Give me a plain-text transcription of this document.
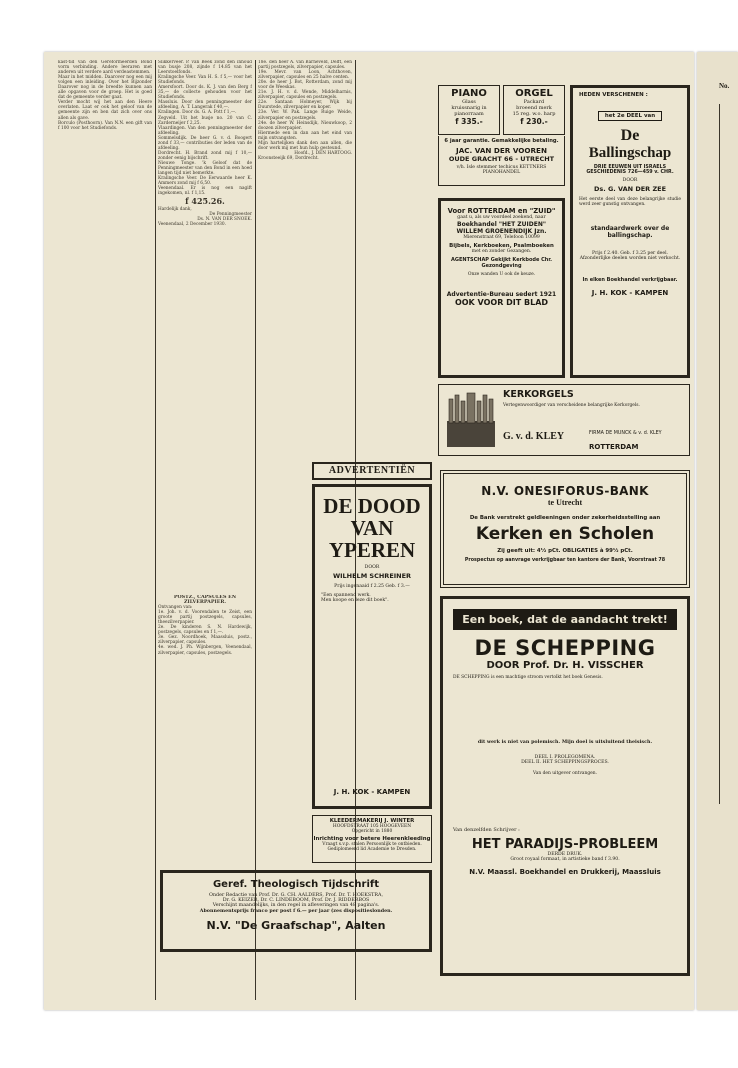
No.

kast-tid van den Gereformeerden Bond vorm verbinding. Andere leeraren met anderen uit verdere aard verdeastemmen.

Maar in het midden. Daarover nog een mij volgen een inleiding. Over het Bijzonder Daarover nog in de breedte kunnen aan alle opgaven voor de groep. Het is goed dat de gemeente verder gaat.

Verder mocht wij het aan den Heere overlaten. Laat er ook het geloof van de gemeente zijn en ben dat zich over ons allen als gave.

Borculo (Posthoorn). Van N.N. een gift van f 100 voor het Studiefonds.

Slikkerveer. P. van Beek zond den inhoud van busje 208, zijnde f 14.85 van het Leerstoelfonds.

Kralingsche Veer. Van H. S. f 5,— voor het Studiefonds.

Amersfoort. Door ds. K. J. van den Berg f 35,— de collecte gehouden voor het Studiefonds.

Massluis. Door den penningmeester der afdeeling, A. T. Langerak f 40,—.

Kralingen. Door ds. G. A. Pott f 1,—.

Zegveld. Uit het busje no. 20 van C. Zarderneijer f 2,25.

Vlaardingen. Van den penningmeester der afdeeling.

Sommelsdijk. De heer G. v. d. Boogert zond f 33,— contributies der leden van de afdeeling.

Dordrecht. H. Brand zond mij f 10,— zonder eenig bijschrift.

Nieuwe Tonge. 'k Geloof dat de Penningmeester van den Bond in een hoed langen tijd niet bemerkte.

Kralingsche Veer. De Eerwaarde heer K. Ammers zond mij f 6,50.

Veenendaal. Er is nog een nagift ingekomen, nl. f 1,15.

f 425.26.

Hardelijk dank,

De Penningmeester

Ds. N. VAN DER SNOEK.

Veenendaal, 2 December 1930.

POSTZ., CAPSULES EN ZILVERPAPIER.

Ontvangen van:

1e. Joh. v. d. Voorendalen te Zeist, een groote partij postzegels, capsules, theezilverpapier.

2e. De kinderen S. N. Hardewijk, postzegels, capsules en f 1,—.

3e. Gez. Noordhoek, Maassluis, postz., zilverpapier, capsules.

4e. wed. J. Ph. Wijnbergen, Veenendaal, zilverpapier, capsules, postzegels.

18e. den heer A. van Barneveld, Delft, een partij postzegels, zilverpapier, capsules.

19e. Mevr. van Loon, Achthoven, zilverpapier, capsules en 25 halve centen.

20e. de heer J. Bot, Rotterdam, zond mij voor de Weeskas.

21e. J. H. v. d. Wende, Middelharnis, zilverpapier, capsules en postzegels.

22e. Santaan Holmeyer, Wijk bij Duurstede, zilverpapier en koper.

23e. Ver. W. Pak. Lange Ruige Weide, zilverpapier en postzegels.

24e. de heer W. Heinsdijk, Nieuwkoop, 2 doozen zilverpapier.

Hiermede een in dan aan het eind van mijn ontvangsten.

Mijn hartelijken dank den aan allen, die door werk mij met hun hulp gesteund.

Hoofd., J. DEN HARTOOG.

Kroonsteeijk 69, Dordrecht.

PIANO
Glass
kruissnarig in
pianorraam
f 335.-
ORGEL
Packard
broeend merk
15 reg. w.o. harp
f 230.-
6 jaar garantie. Gemakkelijke betaling.
JAC. VAN DER VOOREN
OUDE GRACHT 66 - UTRECHT
v/h. Isle stemmer techicus KETTNERS
PIANOHANDEL
Voor ROTTERDAM en "ZUID"
gaat u, als uw voordeel zoekend, naar
Boekhandel "HET ZUIDEN"
WILLEM GROENENDIJK Jzn.
Mierenstraat 69, Telefoon 10099
Bijbels, Kerkboeken, Psalmboeken
met en zonder Gezangen.
AGENTSCHAP Gekijkt Kerkbode Chr. Gezondgeving
Onze wanden U ook de keuze.
Advertentie-Bureau sedert 1921
OOK VOOR DIT BLAD
HEDEN VERSCHENEN :
het 2e DEEL van
De
Ballingschap
DRIE EEUWEN UIT ISRAELS GESCHIEDENIS 726—459 v. CHR.
DOOR
Ds. G. VAN DER ZEE
Het eerste deel van deze belangrijke studie werd zeer gunstig ontvangen.
standaardwerk over de
ballingschap.
Prijs f 2.40. Geb. f 3.25 per deel.
Afzonderlijke deelen worden niet verkocht.
In elken Boekhandel verkrijgbaar.
J. H. KOK - KAMPEN
KERKORGELS
Vertegenwoordiger van verscheidene belangrijke Kerkorgels.
G. v. d. KLEY	FIRMA DE MUNCK & v. d. KLEY
ROTTERDAM
ADVERTENTIËN
DE DOOD
VAN
YPEREN
DOOR
WILHELM SCHREINER
Prijs ingenaaid f 2.25 Geb. f 3.—
"Een spannend werk.
Men koope en leze dit boek".
J. H. KOK - KAMPEN
KLEEDERMAKERIJ J. WINTER
HOOFDSTRAAT 105 HOOGEVEEN
Opgericht in 1880
Inrichting voor betere Heerenkleeding
Vraagt s.v.p. stalen Persoonlijk te ontbieden.
Gediplomeerd lid Academie te Dresden.
Geref. Theologisch Tijdschrift
Onder Redactie van Prof. Dr. G. CH. AALDERS, Prof. Dr. T. HOEKSTRA,
Dr. G. KEIZER, Dr. C. LINDEBOOM, Prof. Dr. J. RIDDERBOS
Verschijnt maandelijks, in den regel in afleveringen van 48 pagina's.
Abonnementsprijs franco per post f 6.— per jaar (zes dispositieslonden.
N.V. "De Graafschap", Aalten
N.V. ONESIFORUS-BANK
te Utrecht
De Bank verstrekt geldleeningen onder zekerheidsstelling aan
Kerken en Scholen
Zij geeft uit: 4½ pCt. OBLIGATIES à 99½ pCt.
Prospectus op aanvrage verkrijgbaar ten kantore der Bank, Voorstraat 78
Een boek, dat de aandacht trekt!
DE SCHEPPING
DOOR Prof. Dr. H. VISSCHER
DE SCHEPPING is een machtige stroom vertolkt het boek Genesis.
dit werk is niet van polemisch. Mijn doel is uitsluitend theisisch.
DEEL I. PROLEGOMENA.
DEEL II. HET SCHEPPINGSPROCES.
Van den uitgever ontvangen.
Van denzelfden Schrijver :
HET PARADIJS-PROBLEEM
DERDE DRUK.
Groot royaal formaat, in artistieke band f 3.90.
N.V. Maassl. Boekhandel en Drukkerij, Maassluis
